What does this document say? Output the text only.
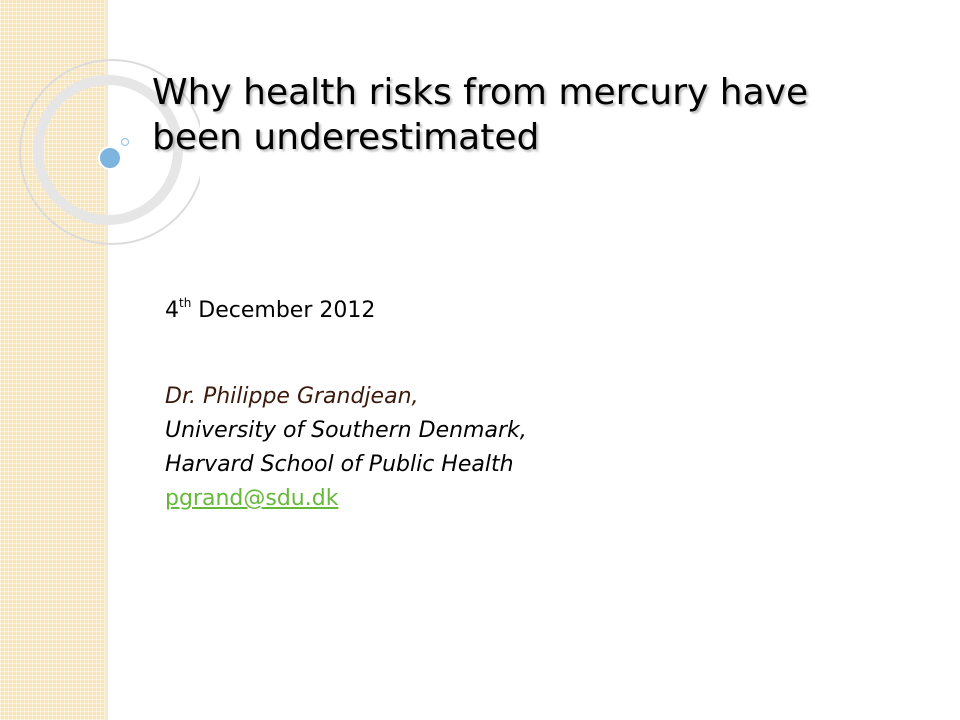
Why health risks from mercury have
been underestimated

4th December 2012

Dr. Philippe Grandjean,
University of Southern Denmark,
Harvard School of Public Health
pgrand@sdu.dk
